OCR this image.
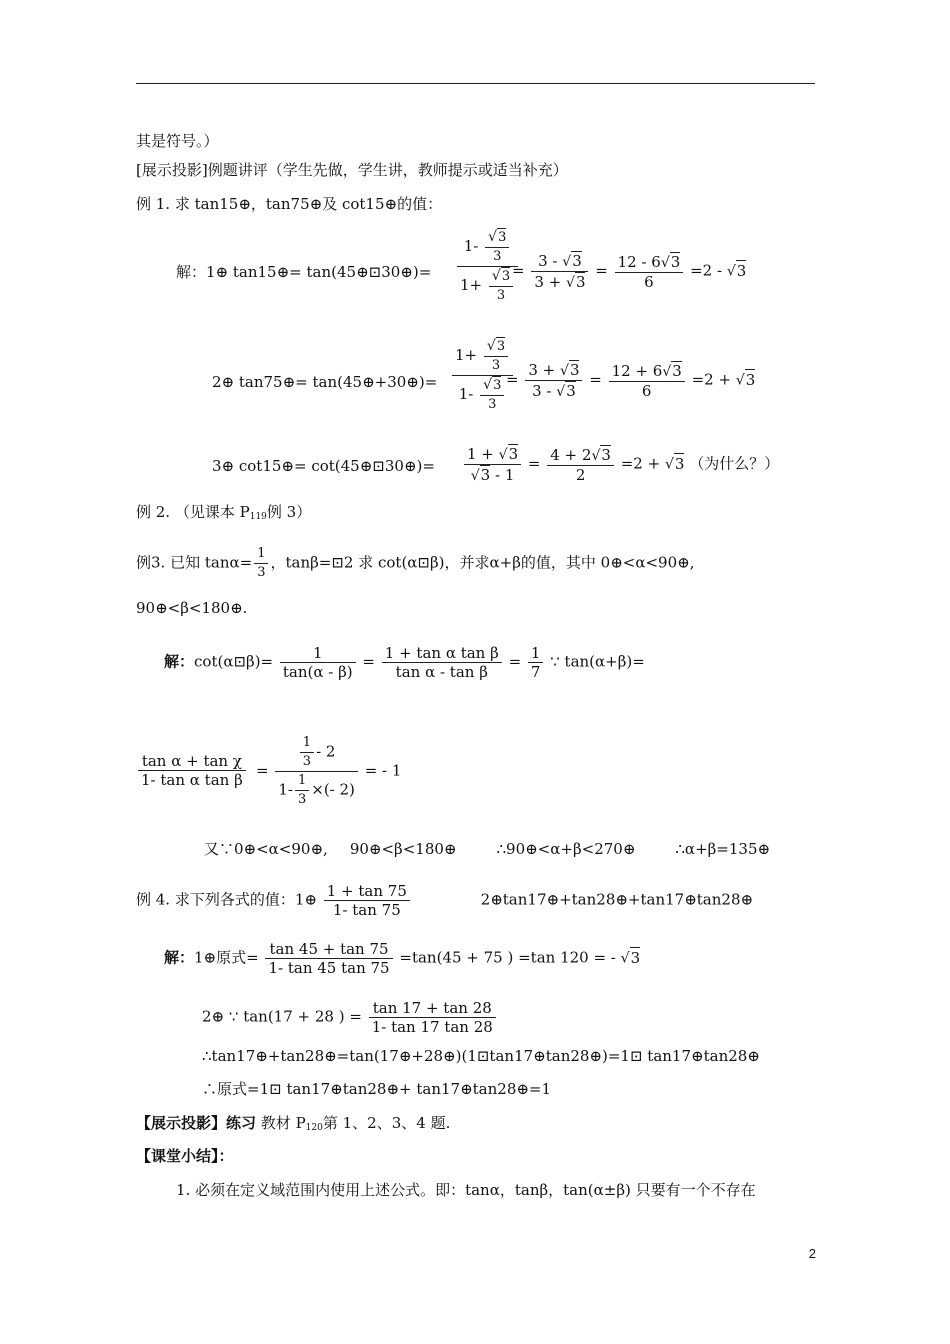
其是符号。）
[展示投影]例题讲评（学生先做，学生讲，教师提示或适当补充）
例 1. 求 tan15⊕，tan75⊕及 cot15⊕的值：
解：1⊕ tan15⊕= tan(45⊕⊡30⊕)= $\frac{1- \frac{√3}{3}}{1+ \frac{√3}{3}}$
= $\frac{3 - √3}{3 + √3} = \frac{12 - 6√3}{6} =2 - √3$
2⊕ tan75⊕= tan(45⊕+30⊕)= $\frac{1+ \frac{√3}{3}}{1- \frac{√3}{3}}$
= $\frac{3 + √3}{3 - √3} = \frac{12 + 6√3}{6} =2 + √3$
3⊕ cot15⊕= cot(45⊕⊡30⊕)= $\frac{1 + √3}{√3 - 1} = \frac{4 + 2√3}{2} =2 + √3$ （为什么？）
例 2. （见课本 $P_{119}$例 3）
例3. 已知 $\tan\alpha= \frac{1}{3}$ ，tanβ=⊡2 求 cot(α⊡β)，并求α+β的值，其中 0⊕<α<90⊕,
90⊕<β<180⊕.
解：cot(α⊡β)= $\frac{1}{\tan(\alpha - \beta)} = \frac{\text{1 + tan α tan β}}{\text{tan α - tan β}} = \frac{1}{7}$ ∵ tan(α+β)=
$\frac{\text{tan α + tan χ}}{\text{1- tan α tan β}} = \frac{\frac{1}{3} - 2}{1- \frac{1}{3} \times(- 2)}$ = - 1
又∵0⊕<α<90⊕, 90⊕<β<180⊕	∴90⊕<α+β<270⊕	∴α+β=135⊕
例 4. 求下列各式的值：1⊕ $\frac{1 + \tan 75}{1- \tan 75}$	2⊕tan17⊕+tan28⊕+tan17⊕tan28⊕
解：1⊕原式= $\frac{\tan 45 + \tan 75}{1- \tan 45 \tan 75} =\tan(45 + 75$ ) =tan 120 = - √3
2⊕ ∵ tan(17 + 28 ) = $\frac{\tan 17 + \tan 28}{1- \tan 17 \tan 28}$
∴tan17⊕+tan28⊕=tan(17⊕+28⊕)(1⊡tan17⊕tan28⊕)=1⊡ tan17⊕tan28⊕
∴原式=1⊡ tan17⊕tan28⊕+ tan17⊕tan28⊕=1
【展示投影】练习 教材 $P_{120}$第 1、2、3、4 题.
【课堂小结】：
1. 必须在定义域范围内使用上述公式。即：tanα，tanβ，tan(α±β) 只要有一个不存在
2
